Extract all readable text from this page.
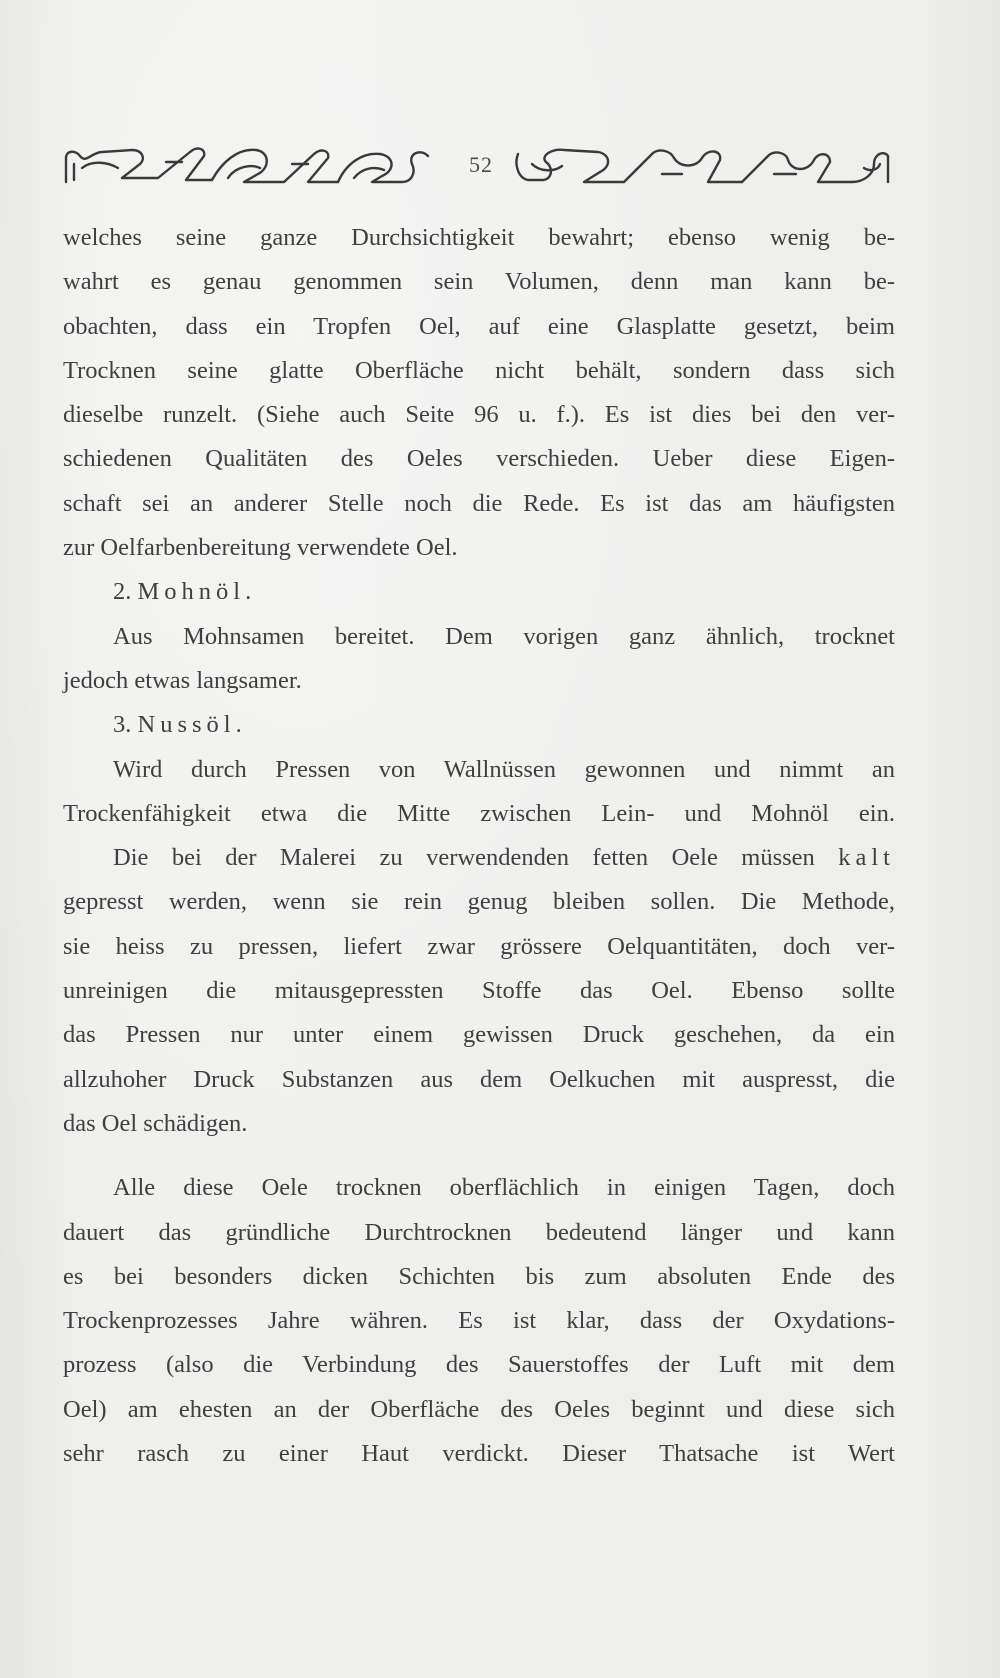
52
welches seine ganze Durchsichtigkeit bewahrt; ebenso wenig be-
wahrt es genau genommen sein Volumen, denn man kann be-
obachten, dass ein Tropfen Oel, auf eine Glasplatte gesetzt, beim
Trocknen seine glatte Oberfläche nicht behält, sondern dass sich
dieselbe runzelt. (Siehe auch Seite 96 u. f.). Es ist dies bei den ver-
schiedenen Qualitäten des Oeles verschieden. Ueber diese Eigen-
schaft sei an anderer Stelle noch die Rede. Es ist das am häufigsten
zur Oelfarbenbereitung verwendete Oel.
2. Mohnöl.
Aus Mohnsamen bereitet. Dem vorigen ganz ähnlich, trocknet
jedoch etwas langsamer.
3. Nussöl.
Wird durch Pressen von Wallnüssen gewonnen und nimmt an
Trockenfähigkeit etwa die Mitte zwischen Lein- und Mohnöl ein.
Die bei der Malerei zu verwendenden fetten Oele müssen kalt
gepresst werden, wenn sie rein genug bleiben sollen. Die Methode,
sie heiss zu pressen, liefert zwar grössere Oelquantitäten, doch ver-
unreinigen die mitausgepressten Stoffe das Oel. Ebenso sollte
das Pressen nur unter einem gewissen Druck geschehen, da ein
allzuhoher Druck Substanzen aus dem Oelkuchen mit auspresst, die
das Oel schädigen.
Alle diese Oele trocknen oberflächlich in einigen Tagen, doch
dauert das gründliche Durchtrocknen bedeutend länger und kann
es bei besonders dicken Schichten bis zum absoluten Ende des
Trockenprozesses Jahre währen. Es ist klar, dass der Oxydations-
prozess (also die Verbindung des Sauerstoffes der Luft mit dem
Oel) am ehesten an der Oberfläche des Oeles beginnt und diese sich
sehr rasch zu einer Haut verdickt. Dieser Thatsache ist Wert
